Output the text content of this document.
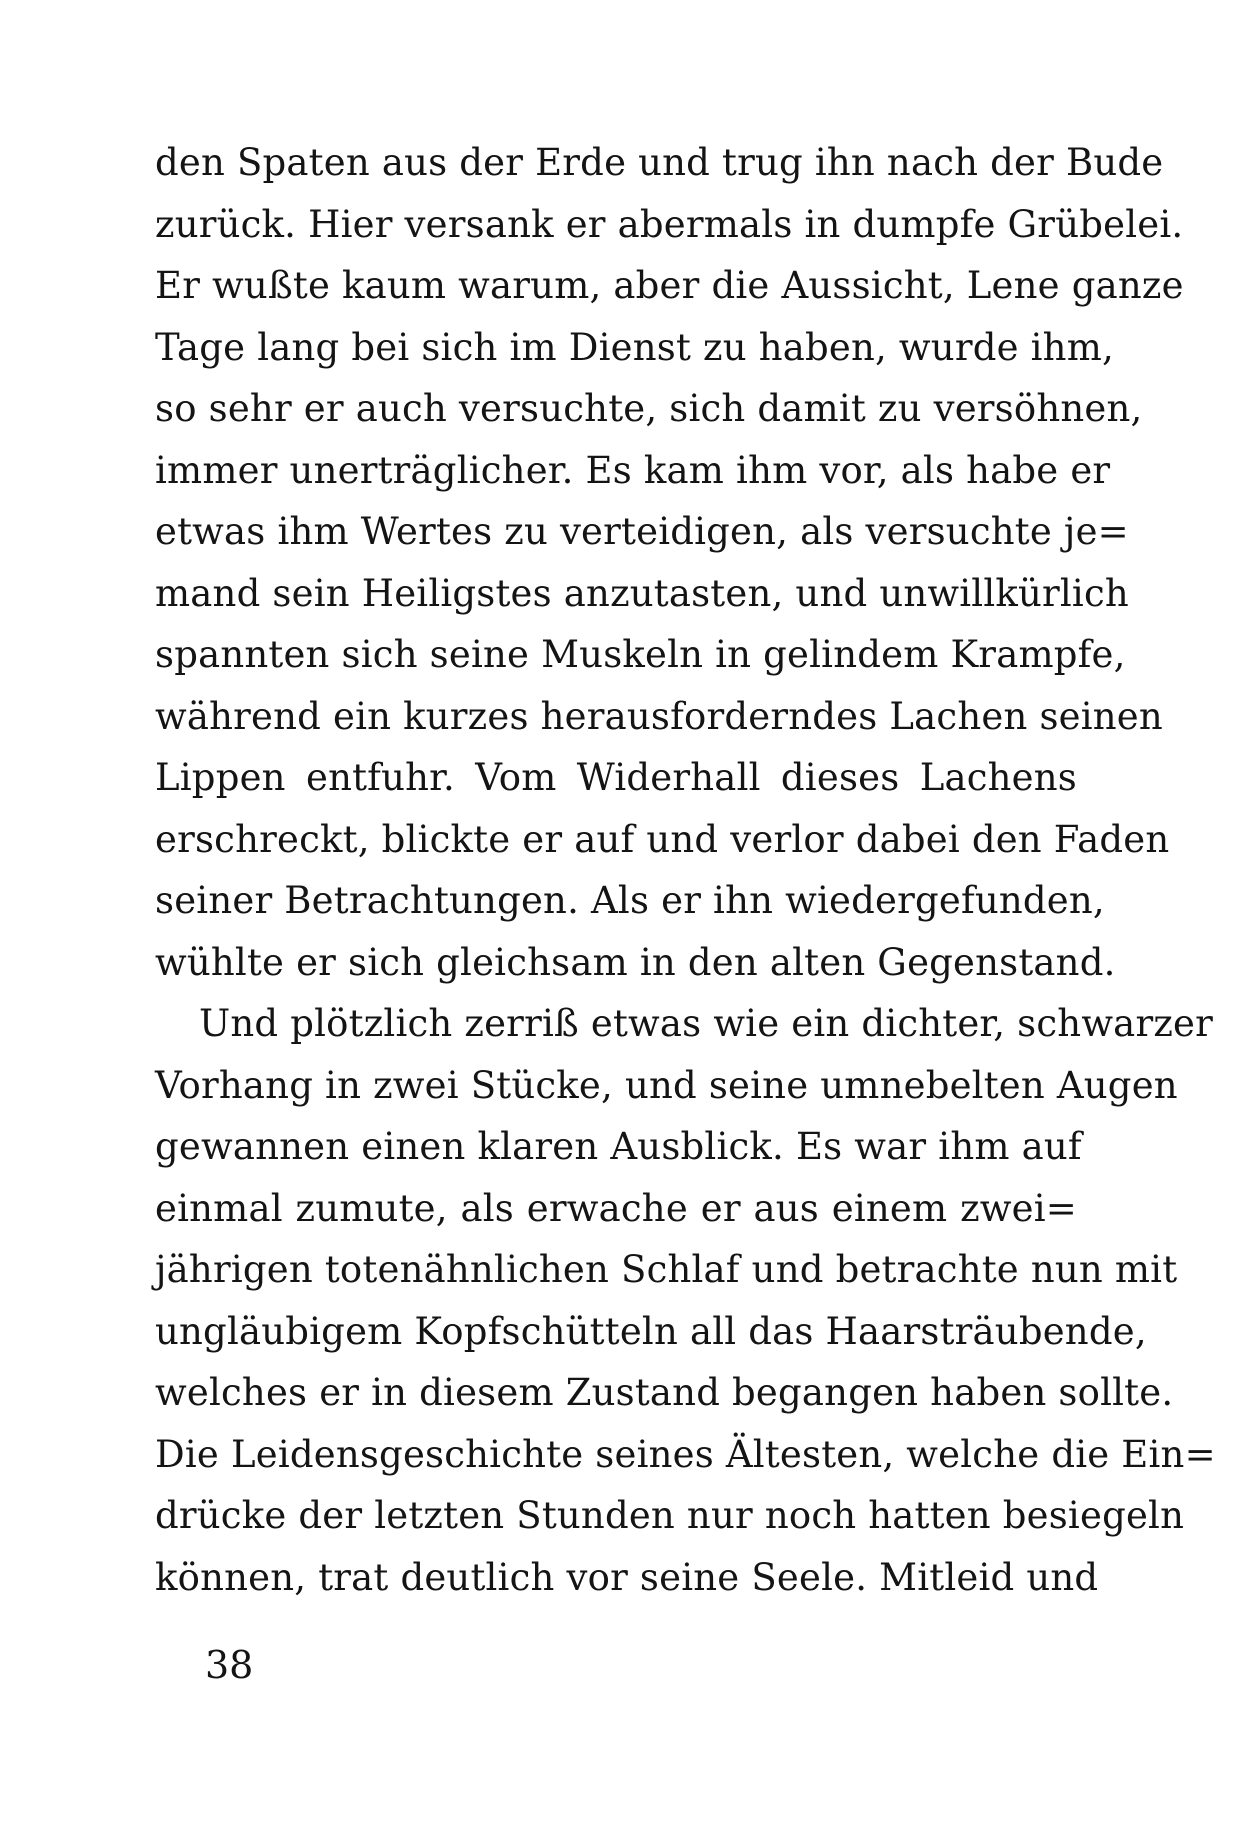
den Spaten aus der Erde und trug ihn nach der Bude
zurück. Hier versank er abermals in dumpfe Grübelei.
Er wußte kaum warum, aber die Aussicht, Lene ganze
Tage lang bei sich im Dienst zu haben, wurde ihm,
so sehr er auch versuchte, sich damit zu versöhnen,
immer unerträglicher. Es kam ihm vor, als habe er
etwas ihm Wertes zu verteidigen, als versuchte je=
mand sein Heiligstes anzutasten, und unwillkürlich
spannten sich seine Muskeln in gelindem Krampfe,
während ein kurzes herausforderndes Lachen seinen
Lippen entfuhr. Vom Widerhall dieses Lachens
erschreckt, blickte er auf und verlor dabei den Faden
seiner Betrachtungen. Als er ihn wiedergefunden,
wühlte er sich gleichsam in den alten Gegenstand.
Und plötzlich zerriß etwas wie ein dichter, schwarzer
Vorhang in zwei Stücke, und seine umnebelten Augen
gewannen einen klaren Ausblick. Es war ihm auf
einmal zumute, als erwache er aus einem zwei=
jährigen totenähnlichen Schlaf und betrachte nun mit
ungläubigem Kopfschütteln all das Haarsträubende,
welches er in diesem Zustand begangen haben sollte.
Die Leidensgeschichte seines Ältesten, welche die Ein=
drücke der letzten Stunden nur noch hatten besiegeln
können, trat deutlich vor seine Seele. Mitleid und
38
